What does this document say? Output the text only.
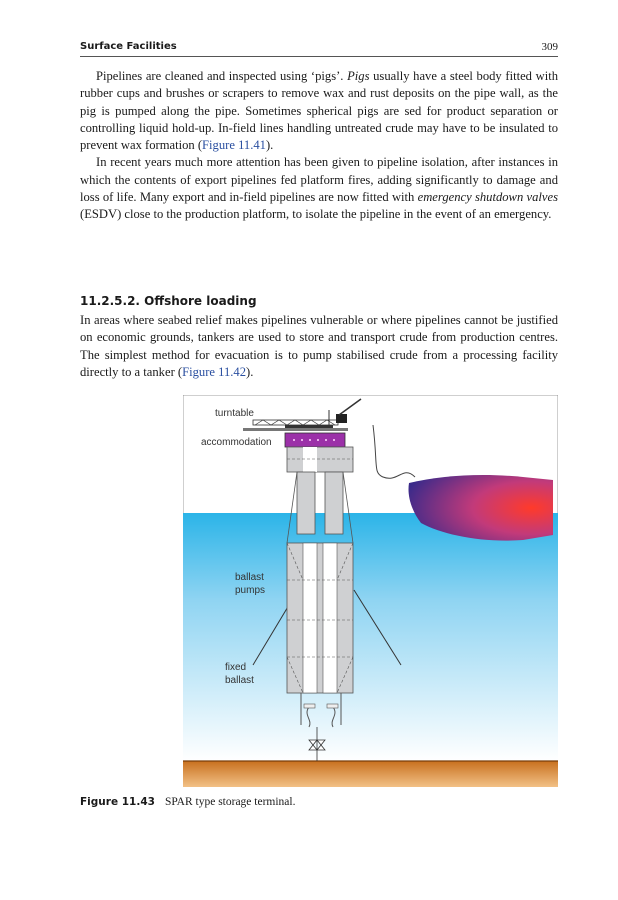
Surface Facilities	309

Pipelines are cleaned and inspected using ‘pigs’. Pigs usually have a steel body fitted with rubber cups and brushes or scrapers to remove wax and rust deposits on the pipe wall, as the pig is pumped along the pipe. Sometimes spherical pigs are sed for product separation or controlling liquid hold-up. In-field lines handling untreated crude may have to be insulated to prevent wax formation (Figure 11.41).

In recent years much more attention has been given to pipeline isolation, after instances in which the contents of export pipelines fed platform fires, adding significantly to damage and loss of life. Many export and in-field pipelines are now fitted with emergency shutdown valves (ESDV) close to the production platform, to isolate the pipeline in the event of an emergency.

11.2.5.2. Offshore loading

In areas where seabed relief makes pipelines vulnerable or where pipelines cannot be justified on economic grounds, tankers are used to store and transport crude from production centres. The simplest method for evacuation is to pump stabilised crude from a processing facility directly to a tanker (Figure 11.42).

turntable
accommodation
ballast
pumps
fixed
ballast
Figure 11.43 SPAR type storage terminal.
